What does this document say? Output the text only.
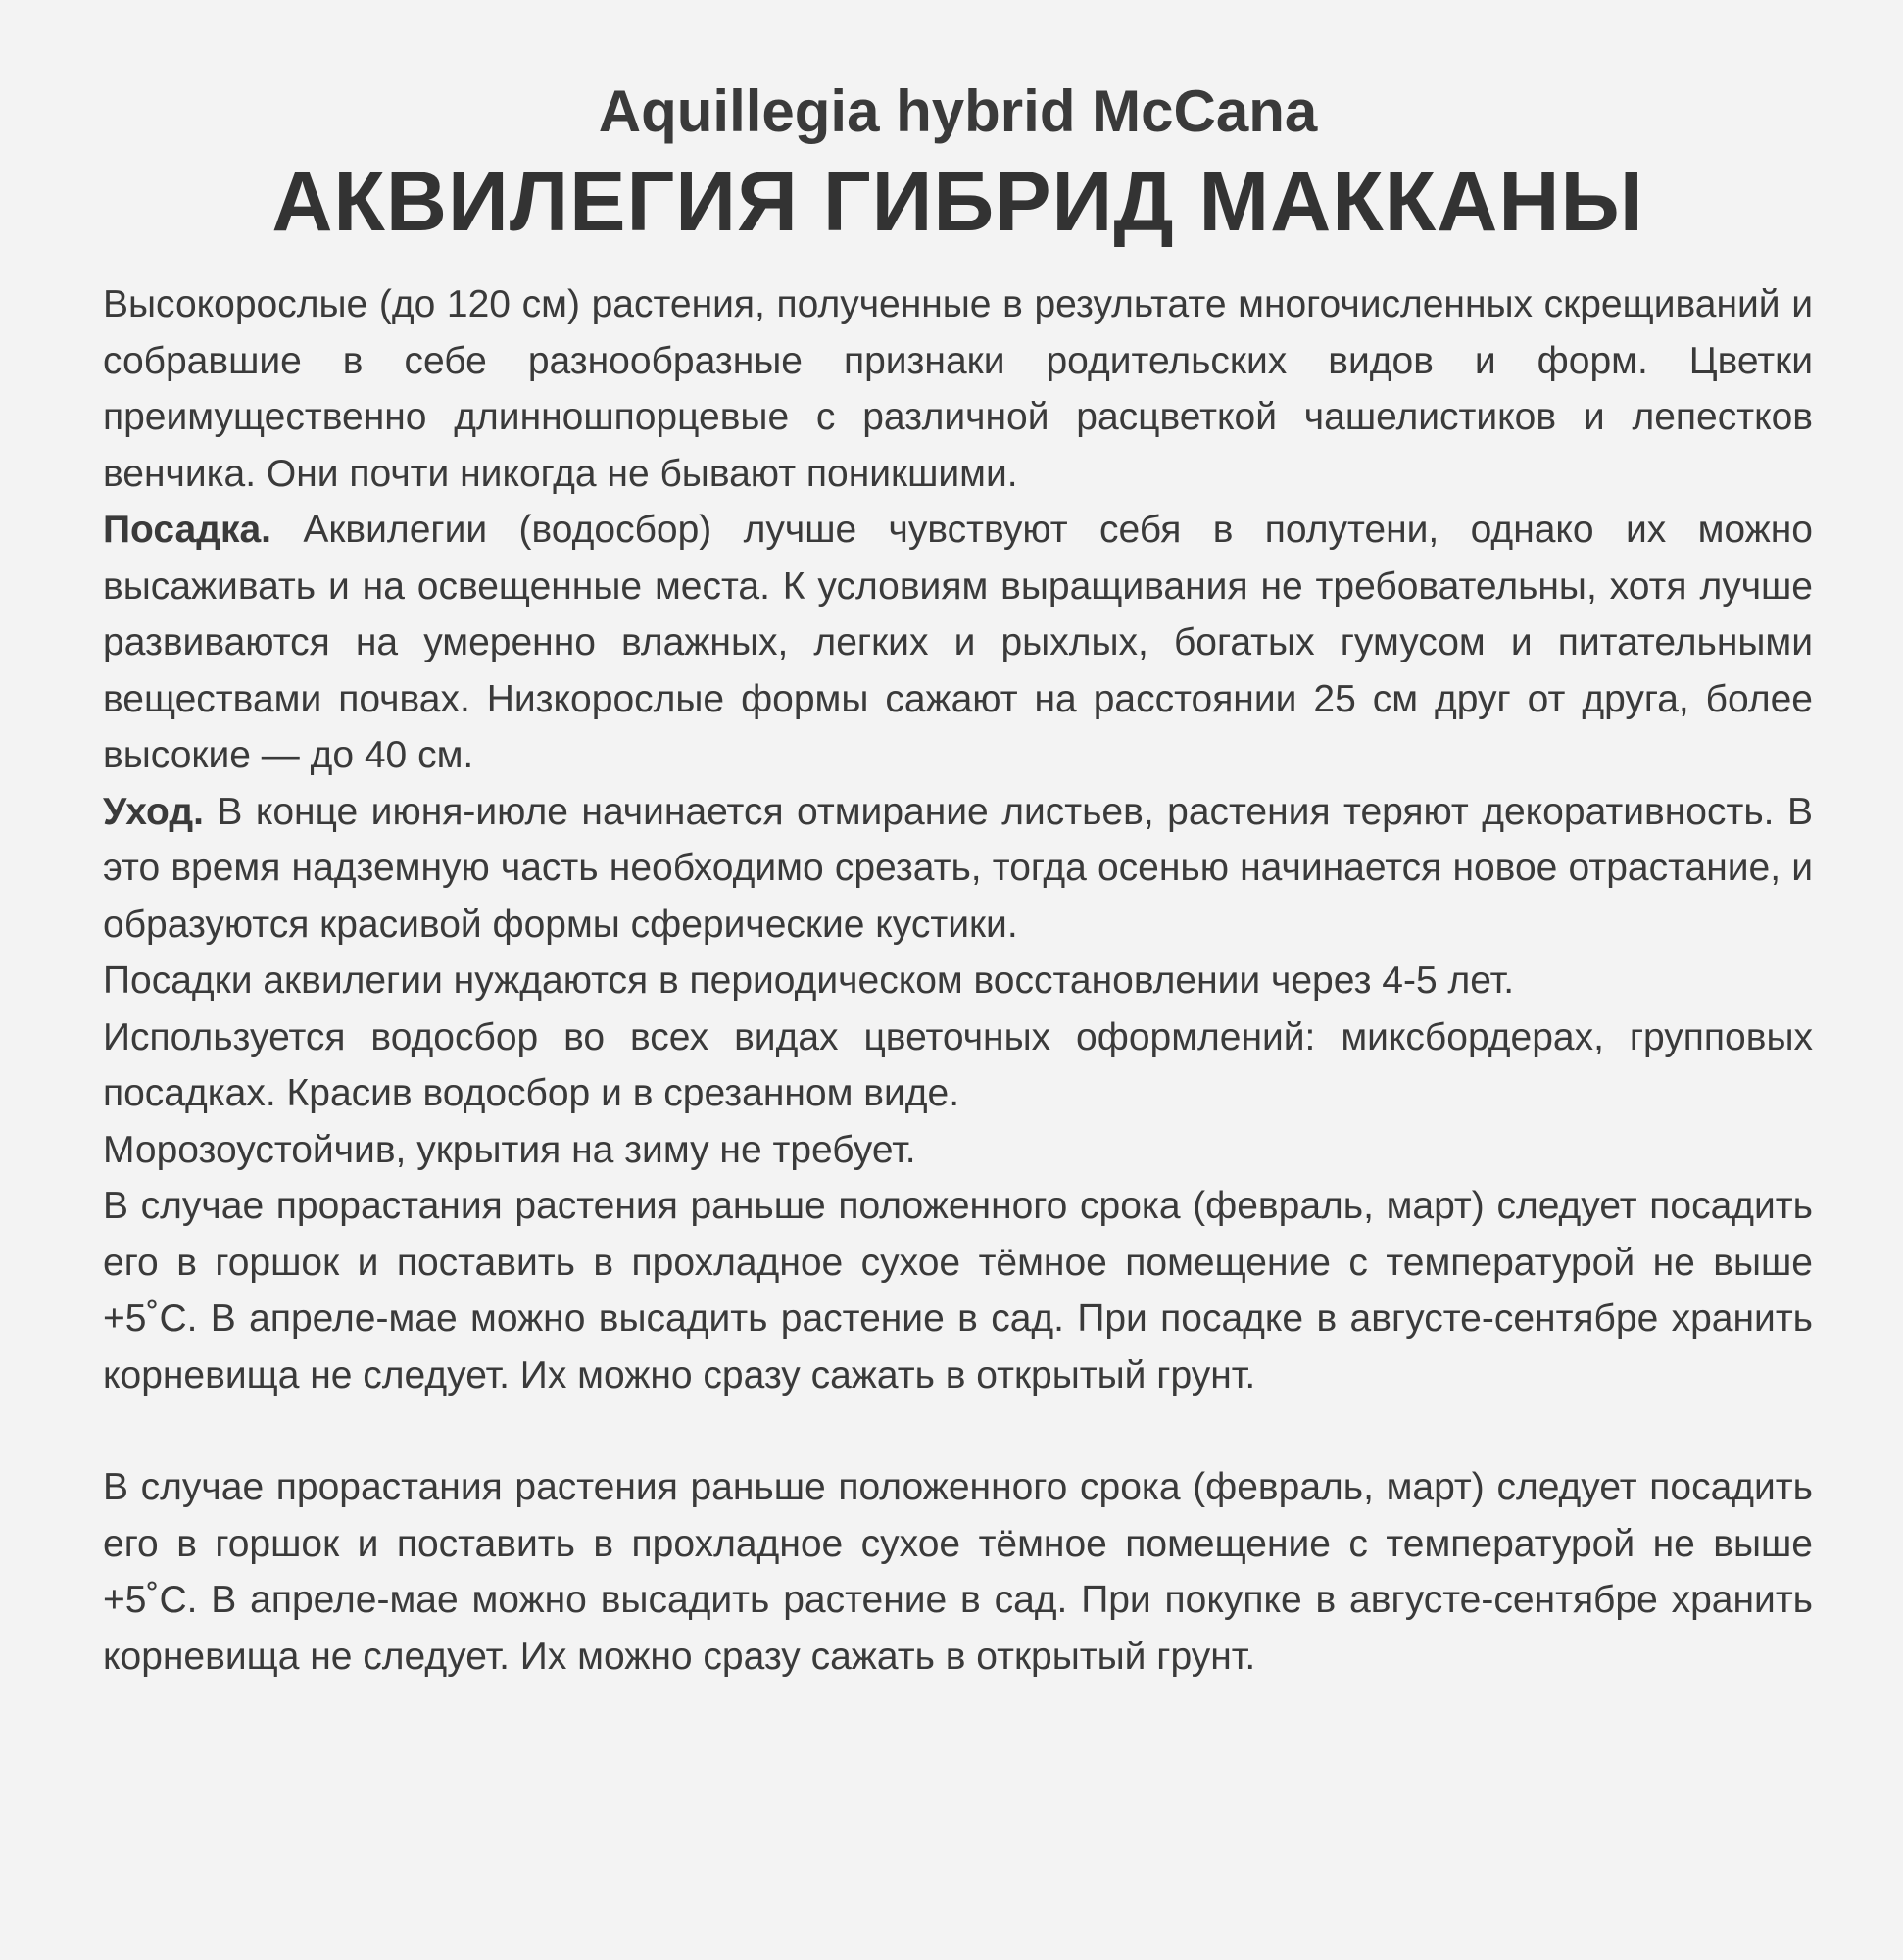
Aquillegia hybrid McCana
АКВИЛЕГИЯ ГИБРИД МАККАНЫ

Высокорослые (до 120 см) растения, полученные в результате многочисленных скрещиваний и собравшие в себе разнообразные признаки родительских видов и форм. Цветки преимущественно длинношпорцевые с различной расцветкой чашелистиков и лепестков венчика. Они почти никогда не бывают поникшими.

Посадка. Аквилегии (водосбор) лучше чувствуют себя в полутени, однако их можно высаживать и на освещенные места. К условиям выращивания не требовательны, хотя лучше развиваются на умеренно влажных, легких и рыхлых, богатых гумусом и питательными веществами почвах. Низкорослые формы сажают на расстоянии 25 см друг от друга, более высокие — до 40 см.

Уход. В конце июня-июле начинается отмирание листьев, растения теряют декоративность. В это время надземную часть необходимо срезать, тогда осенью начинается новое отрастание, и образуются красивой формы сферические кустики.

Посадки аквилегии нуждаются в периодическом восстановлении через 4-5 лет.

Используется водосбор во всех видах цветочных оформлений: миксбордерах, групповых посадках. Красив водосбор и в срезанном виде.

Морозоустойчив, укрытия на зиму не требует.

В случае прорастания растения раньше положенного срока (февраль, март) следует посадить его в горшок и поставить в прохладное сухое тёмное помещение с температурой не выше +5˚С. В апреле-мае можно высадить растение в сад. При посадке в августе-сентябре хранить корневища не следует. Их можно сразу сажать в открытый грунт.

В случае прорастания растения раньше положенного срока (февраль, март) следует посадить его в горшок и поставить в прохладное сухое тёмное помещение с температурой не выше +5˚С. В апреле-мае можно высадить растение в сад. При покупке в августе-сентябре хранить корневища не следует. Их можно сразу сажать в открытый грунт.
